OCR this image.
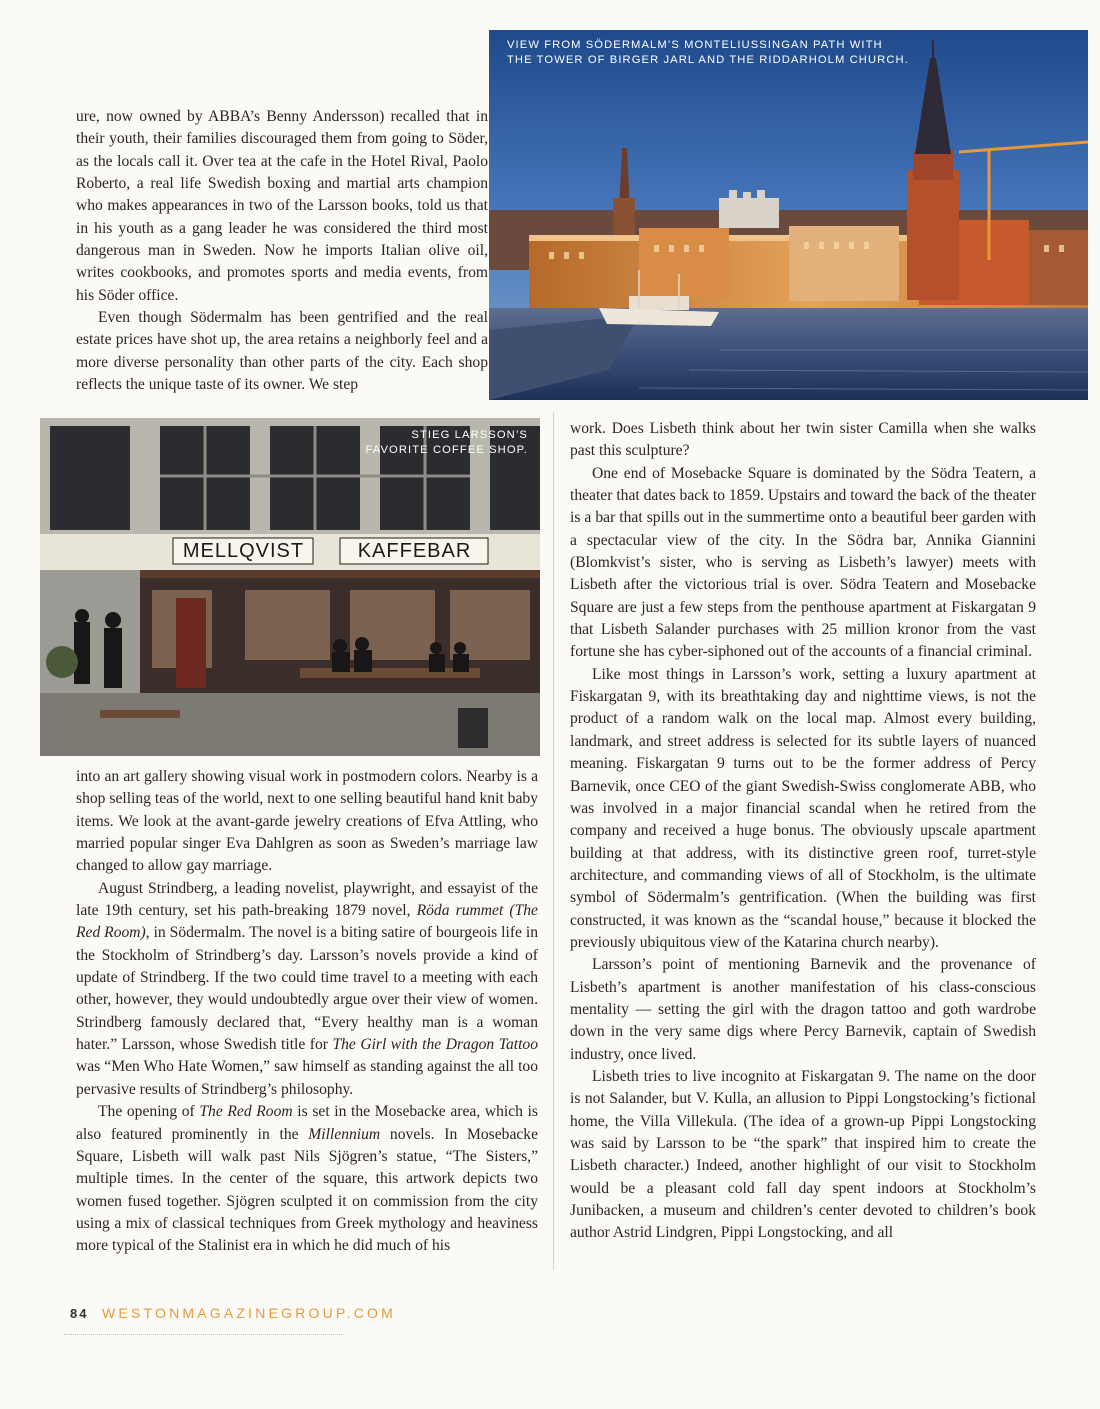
VIEW FROM SÖDERMALM’S MONTELIUSSINGAN PATH WITH
THE TOWER OF BIRGER JARL AND THE RIDDARHOLM CHURCH.
MELLQVIST	KAFFEBAR
STIEG LARSSON’S
FAVORITE COFFEE SHOP.

ure, now owned by ABBA’s Benny Andersson) recalled that in their youth, their families discouraged them from going to Söder, as the locals call it. Over tea at the cafe in the Hotel Rival, Paolo Roberto, a real life Swedish boxing and martial arts champion who makes appearances in two of the Larsson books, told us that in his youth as a gang leader he was considered the third most dangerous man in Sweden. Now he imports Italian olive oil, writes cookbooks, and promotes sports and media events, from his Söder office.

Even though Södermalm has been gentrified and the real estate prices have shot up, the area retains a neighborly feel and a more diverse personality than other parts of the city. Each shop reflects the unique taste of its owner. We step

into an art gallery showing visual work in postmodern colors. Nearby is a shop selling teas of the world, next to one selling beautiful hand knit baby items. We look at the avant-garde jewelry creations of Efva Attling, who married popular singer Eva Dahlgren as soon as Sweden’s marriage law changed to allow gay marriage.

August Strindberg, a leading novelist, playwright, and essayist of the late 19th century, set his path-breaking 1879 novel, Röda rummet (The Red Room), in Södermalm. The novel is a biting satire of bourgeois life in the Stockholm of Strindberg’s day. Larsson’s novels provide a kind of update of Strindberg. If the two could time travel to a meeting with each other, however, they would undoubtedly argue over their view of women. Strindberg famously declared that, “Every healthy man is a woman hater.” Larsson, whose Swedish title for The Girl with the Dragon Tattoo was “Men Who Hate Women,” saw himself as standing against the all too pervasive results of Strindberg’s philosophy.

The opening of The Red Room is set in the Mosebacke area, which is also featured prominently in the Millennium novels. In Mosebacke Square, Lisbeth will walk past Nils Sjögren’s statue, “The Sisters,” multiple times. In the center of the square, this artwork depicts two women fused together. Sjögren sculpted it on commission from the city using a mix of classical techniques from Greek mythology and heaviness more typical of the Stalinist era in which he did much of his

work. Does Lisbeth think about her twin sister Camilla when she walks past this sculpture?

One end of Mosebacke Square is dominated by the Södra Teatern, a theater that dates back to 1859. Upstairs and toward the back of the theater is a bar that spills out in the summertime onto a beautiful beer garden with a spectacular view of the city. In the Södra bar, Annika Giannini (Blomkvist’s sister, who is serving as Lisbeth’s lawyer) meets with Lisbeth after the victorious trial is over. Södra Teatern and Mosebacke Square are just a few steps from the penthouse apartment at Fiskargatan 9 that Lisbeth Salander purchases with 25 million kronor from the vast fortune she has cyber-siphoned out of the accounts of a financial criminal.

Like most things in Larsson’s work, setting a luxury apartment at Fiskargatan 9, with its breathtaking day and nighttime views, is not the product of a random walk on the local map. Almost every building, landmark, and street address is selected for its subtle layers of nuanced meaning. Fiskargatan 9 turns out to be the former address of Percy Barnevik, once CEO of the giant Swedish-Swiss conglomerate ABB, who was involved in a major financial scandal when he retired from the company and received a huge bonus. The obviously upscale apartment building at that address, with its distinctive green roof, turret-style architecture, and commanding views of all of Stockholm, is the ultimate symbol of Södermalm’s gentrification. (When the building was first constructed, it was known as the “scandal house,” because it blocked the previously ubiquitous view of the Katarina church nearby).

Larsson’s point of mentioning Barnevik and the provenance of Lisbeth’s apartment is another manifestation of his class-conscious mentality — setting the girl with the dragon tattoo and goth wardrobe down in the very same digs where Percy Barnevik, captain of Swedish industry, once lived.

Lisbeth tries to live incognito at Fiskargatan 9. The name on the door is not Salander, but V. Kulla, an allusion to Pippi Longstocking’s fictional home, the Villa Villekula. (The idea of a grown-up Pippi Longstocking was said by Larsson to be “the spark” that inspired him to create the Lisbeth character.) Indeed, another highlight of our visit to Stockholm would be a pleasant cold fall day spent indoors at Stockholm’s Junibacken, a museum and children’s center devoted to children’s book author Astrid Lindgren, Pippi Longstocking, and all

84 WESTONMAGAZINEGROUP.COM
